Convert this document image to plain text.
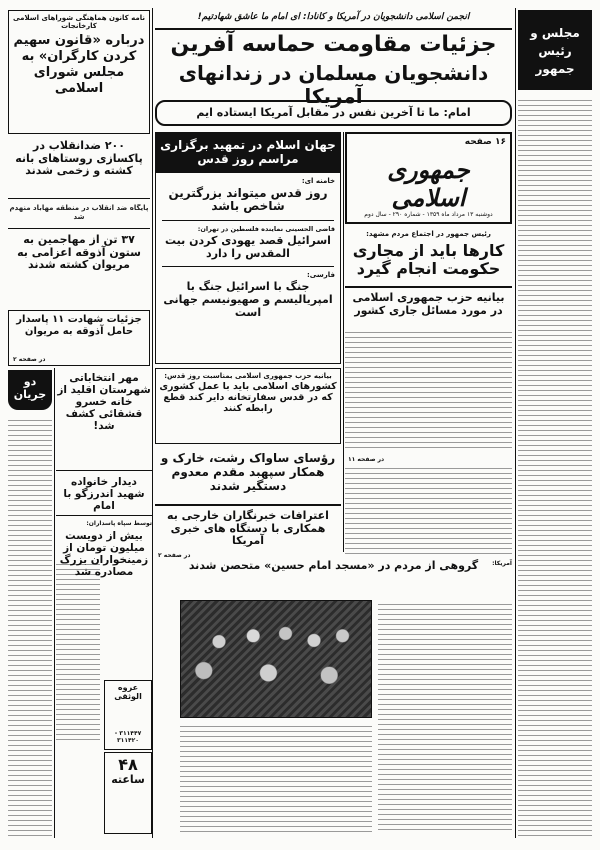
نامه کانون هماهنگی شوراهای اسلامی کارخانجات
درباره «قانون سهیم کردن کارگران» به مجلس شورای اسلامی
۲۰۰ ضدانقلاب در پاکسازی روستاهای بانه کشته و زخمی شدند
پایگاه ضد انقلاب در منطقه مهاباد منهدم شد
۳۷ تن از مهاجمین به ستون آذوقه اعزامی به مریوان کشته شدند
جزئیات شهادت ۱۱ پاسدار حامل آذوقه به مریوان
در صفحه ۲
دو جریان
عروه الوثقی
۳۱۱۴۴۷ - ۳۱۱۴۲۰
۴۸
ساعته
انجمن اسلامی دانشجویان در آمریکا و کانادا: ای امام ما عاشق شهادتیم!
جزئیات مقاومت حماسه آفرین
دانشجویان مسلمان در زندانهای آمریکا
امام: ما تا آخرین نفس در مقابل آمریکا ایستاده ایم
جهان اسلام در تمهید برگزاری مراسم روز قدس
خامنه ای:
روز قدس میتواند بزرگترین شاخص باشد
قاضی الحسینی نماینده فلسطین در تهران:
اسرائیل قصد یهودی کردن بیت المقدس را دارد
فارسی:
جنگ با اسرائیل جنگ با امپریالیسم و صهیونیسم جهانی است
بیانیه حزب جمهوری اسلامی بمناسبت روز قدس:
کشورهای اسلامی باید با عمل کشوری که در قدس سفارتخانه دایر کند قطع رابطه کنند
رؤسای ساواک رشت، خارک و همکار سپهبد مقدم معدوم دستگیر شدند
اعترافات خبرنگاران خارجی به همکاری با دستگاه های خبری آمریکا
در صفحه ۲
مهر انتخاباتی شهرستان اقلید از خانه خسرو قشقائی کشف شد!
دیدار خانواده شهید اندرزگو با امام
توسط سپاه پاسداران:
بیش از دویست میلیون تومان از زمینخواران بزرگ مصادره شد
۱۶ صفحه
جمهوری اسلامی
دوشنبه ۱۳ مرداد ماه ۱۳۵۹ - شماره ۲۹۰ - سال دوم
رئیس جمهور در اجتماع مردم مشهد:
کارها باید از مجاری حکومت انجام گیرد
بیانیه حزب جمهوری اسلامی در مورد مسائل جاری کشور
در صفحه ۱۱
آمریکا:
گروهی از مردم در «مسجد امام حسین» متحصن شدند
مجلس و رئیس جمهور
